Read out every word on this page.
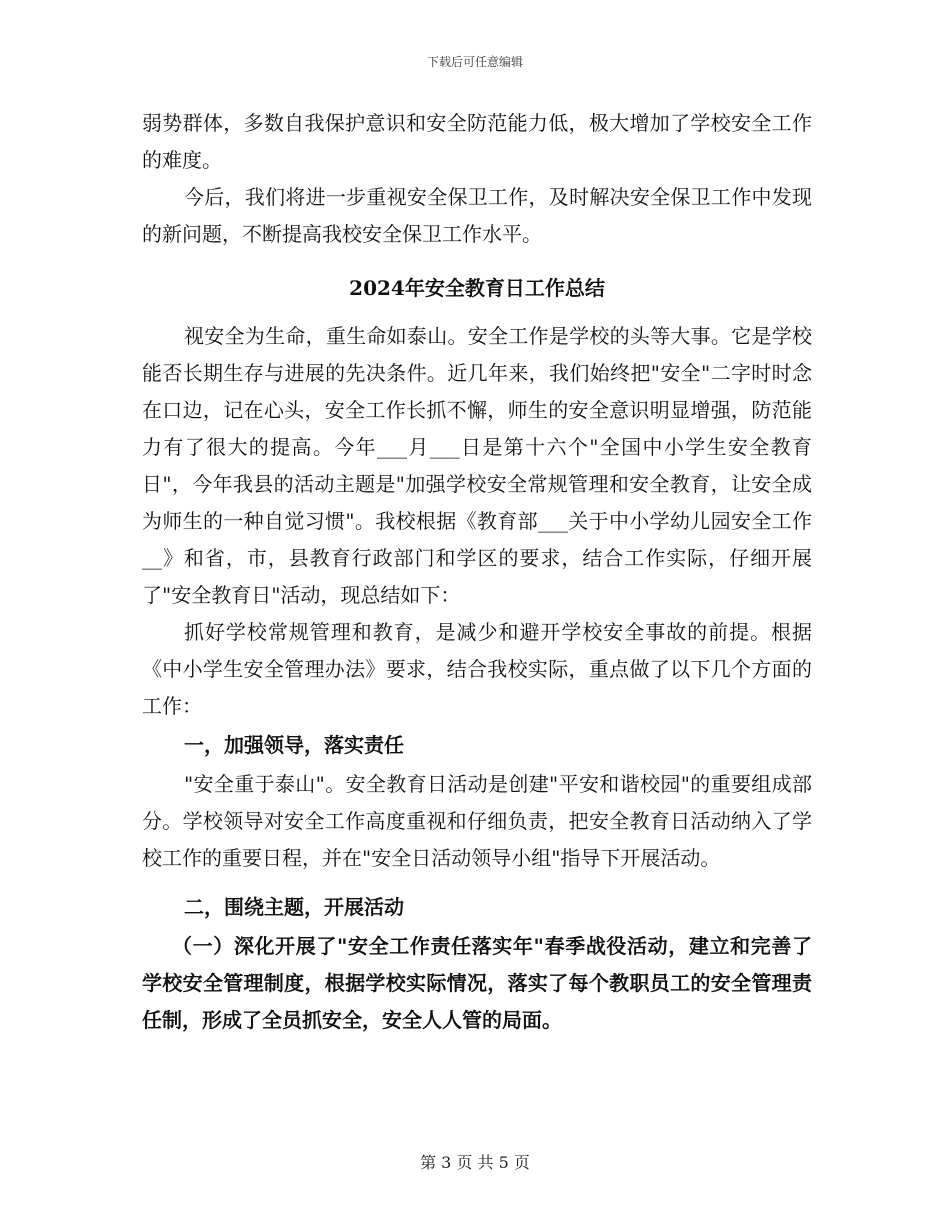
下载后可任意编辑

弱势群体，多数自我保护意识和安全防范能力低，极大增加了学校安全工作的难度。

今后，我们将进一步重视安全保卫工作，及时解决安全保卫工作中发现的新问题，不断提高我校安全保卫工作水平。

2024年安全教育日工作总结

视安全为生命，重生命如泰山。安全工作是学校的头等大事。它是学校能否长期生存与进展的先决条件。近几年来，我们始终把"安全"二字时时念在口边，记在心头，安全工作长抓不懈，师生的安全意识明显增强，防范能力有了很大的提高。今年___月___日是第十六个"全国中小学生安全教育日"，今年我县的活动主题是"加强学校安全常规管理和安全教育，让安全成为师生的一种自觉习惯"。我校根据《教育部___关于中小学幼儿园安全工作__》和省，市，县教育行政部门和学区的要求，结合工作实际，仔细开展了"安全教育日"活动，现总结如下：

抓好学校常规管理和教育，是减少和避开学校安全事故的前提。根据《中小学生安全管理办法》要求，结合我校实际，重点做了以下几个方面的工作：

一，加强领导，落实责任

"安全重于泰山"。安全教育日活动是创建"平安和谐校园"的重要组成部分。学校领导对安全工作高度重视和仔细负责，把安全教育日活动纳入了学校工作的重要日程，并在"安全日活动领导小组"指导下开展活动。

二，围绕主题，开展活动

（一）深化开展了"安全工作责任落实年"春季战役活动，建立和完善了学校安全管理制度，根据学校实际情况，落实了每个教职员工的安全管理责任制，形成了全员抓安全，安全人人管的局面。

第 3 页 共 5 页
